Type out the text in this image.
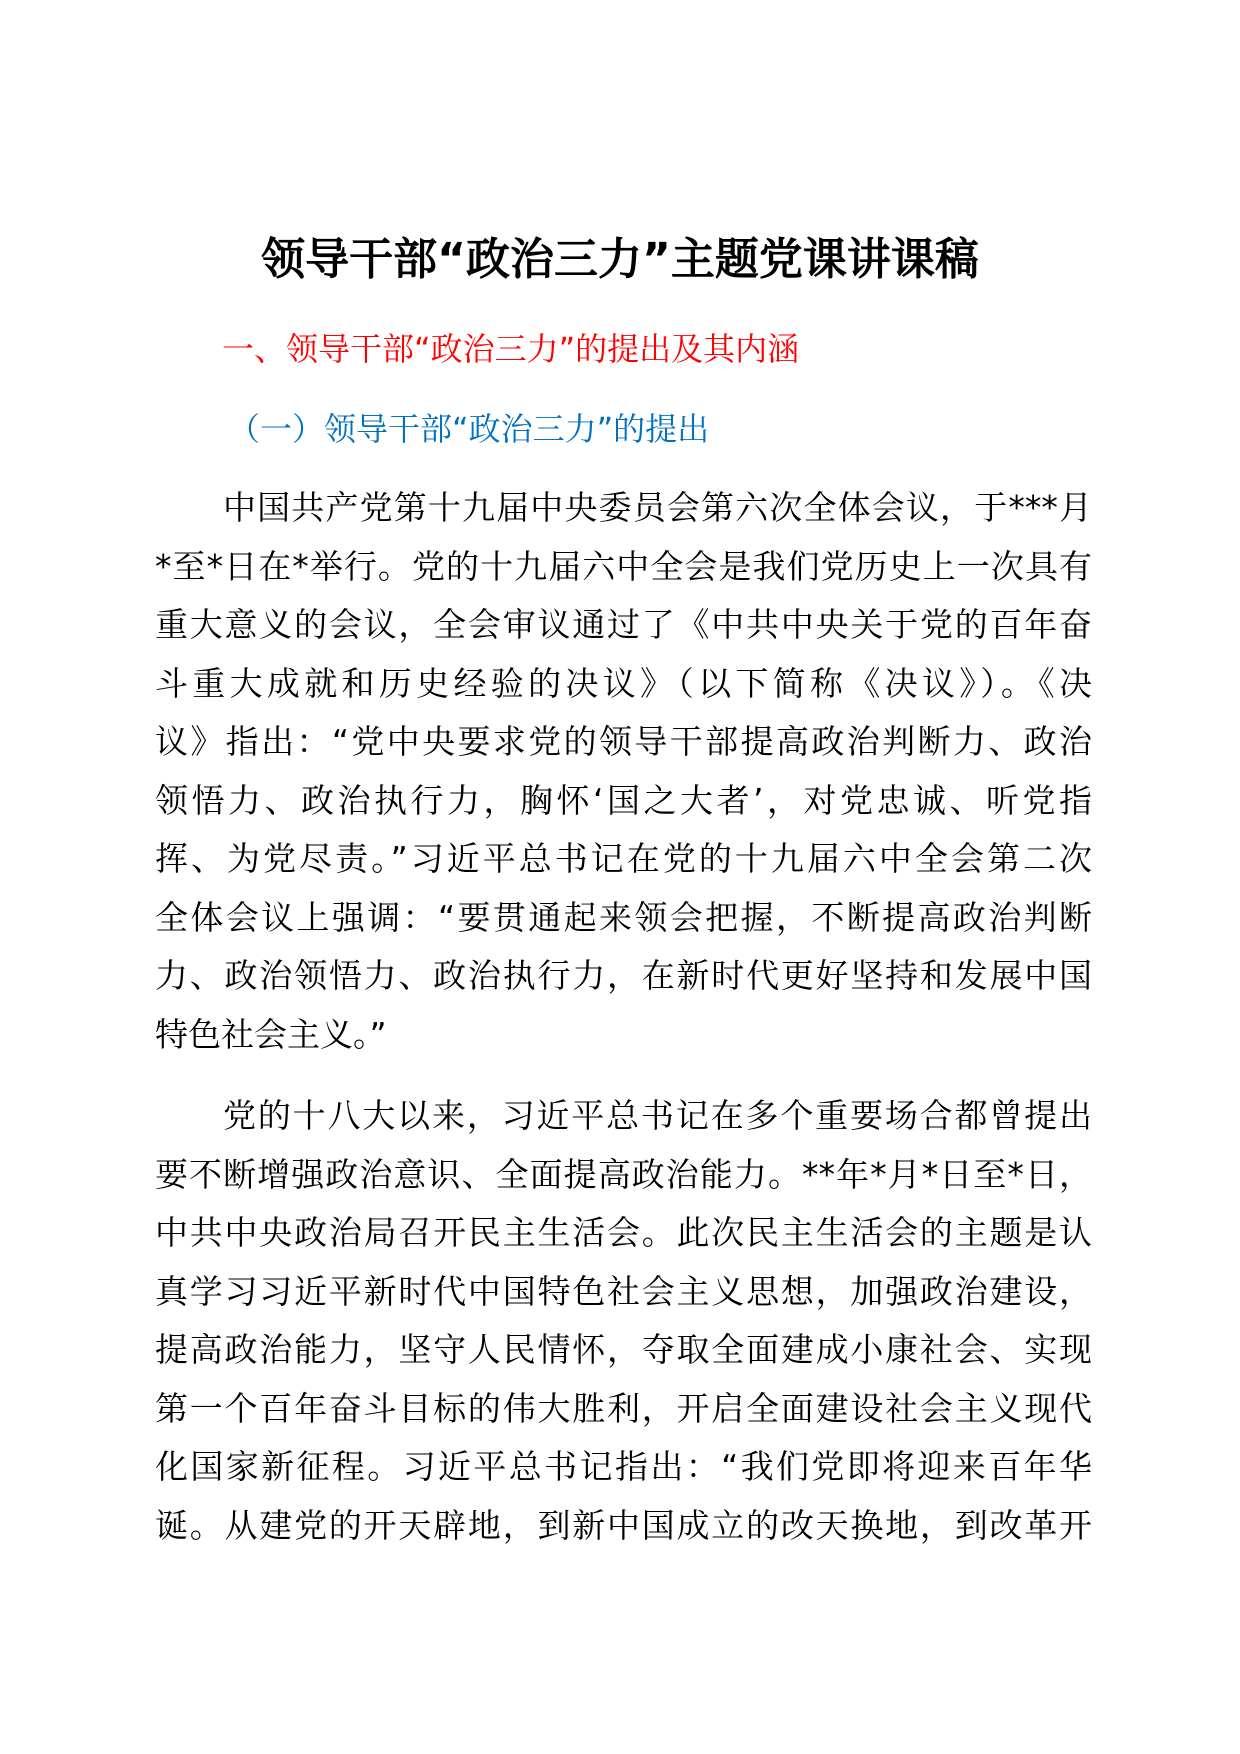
领导干部“政治三力”主题党课讲课稿
一、领导干部“政治三力”的提出及其内涵
（一）领导干部“政治三力”的提出
中国共产党第十九届中央委员会第六次全体会议，于***月
*至*日在*举行。党的十九届六中全会是我们党历史上一次具有
重大意义的会议，全会审议通过了《中共中央关于党的百年奋
斗重大成就和历史经验的决议》（以下简称《决议》）。《决
议》指出：“党中央要求党的领导干部提高政治判断力、政治
领悟力、政治执行力，胸怀‘国之大者’，对党忠诚、听党指
挥、为党尽责。”习近平总书记在党的十九届六中全会第二次
全体会议上强调：“要贯通起来领会把握，不断提高政治判断
力、政治领悟力、政治执行力，在新时代更好坚持和发展中国
特色社会主义。”
党的十八大以来，习近平总书记在多个重要场合都曾提出
要不断增强政治意识、全面提高政治能力。**年*月*日至*日，
中共中央政治局召开民主生活会。此次民主生活会的主题是认
真学习习近平新时代中国特色社会主义思想，加强政治建设，
提高政治能力，坚守人民情怀，夺取全面建成小康社会、实现
第一个百年奋斗目标的伟大胜利，开启全面建设社会主义现代
化国家新征程。习近平总书记指出：“我们党即将迎来百年华
诞。从建党的开天辟地，到新中国成立的改天换地，到改革开
